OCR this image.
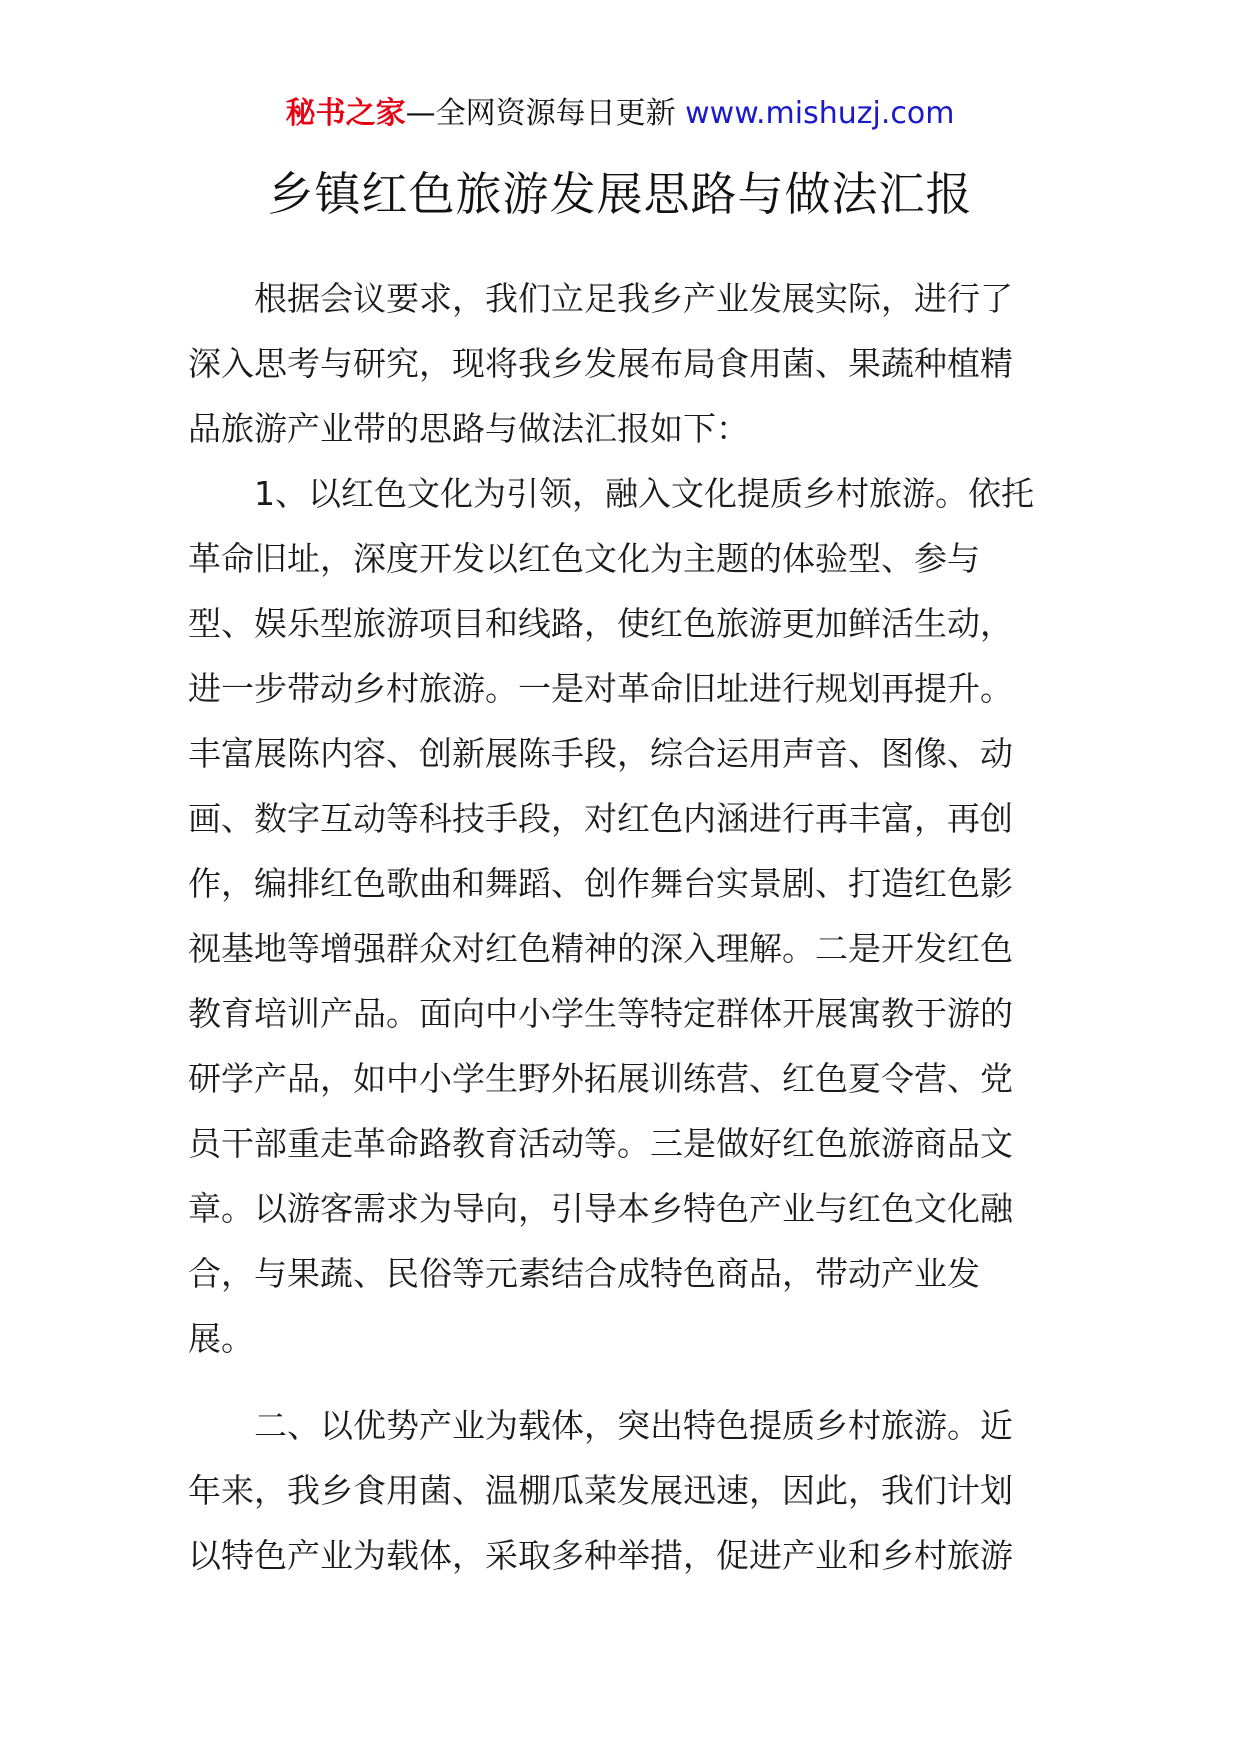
秘书之家—全网资源每日更新 www.mishuzj.com
乡镇红色旅游发展思路与做法汇报
根据会议要求，我们立足我乡产业发展实际，进行了
深入思考与研究，现将我乡发展布局食用菌、果蔬种植精
品旅游产业带的思路与做法汇报如下：
1、以红色文化为引领，融入文化提质乡村旅游。依托
革命旧址，深度开发以红色文化为主题的体验型、参与
型、娱乐型旅游项目和线路，使红色旅游更加鲜活生动，
进一步带动乡村旅游。一是对革命旧址进行规划再提升。
丰富展陈内容、创新展陈手段，综合运用声音、图像、动
画、数字互动等科技手段，对红色内涵进行再丰富，再创
作，编排红色歌曲和舞蹈、创作舞台实景剧、打造红色影
视基地等增强群众对红色精神的深入理解。二是开发红色
教育培训产品。面向中小学生等特定群体开展寓教于游的
研学产品，如中小学生野外拓展训练营、红色夏令营、党
员干部重走革命路教育活动等。三是做好红色旅游商品文
章。以游客需求为导向，引导本乡特色产业与红色文化融
合，与果蔬、民俗等元素结合成特色商品，带动产业发
展。
二、以优势产业为载体，突出特色提质乡村旅游。近
年来，我乡食用菌、温棚瓜菜发展迅速，因此，我们计划
以特色产业为载体，采取多种举措，促进产业和乡村旅游
